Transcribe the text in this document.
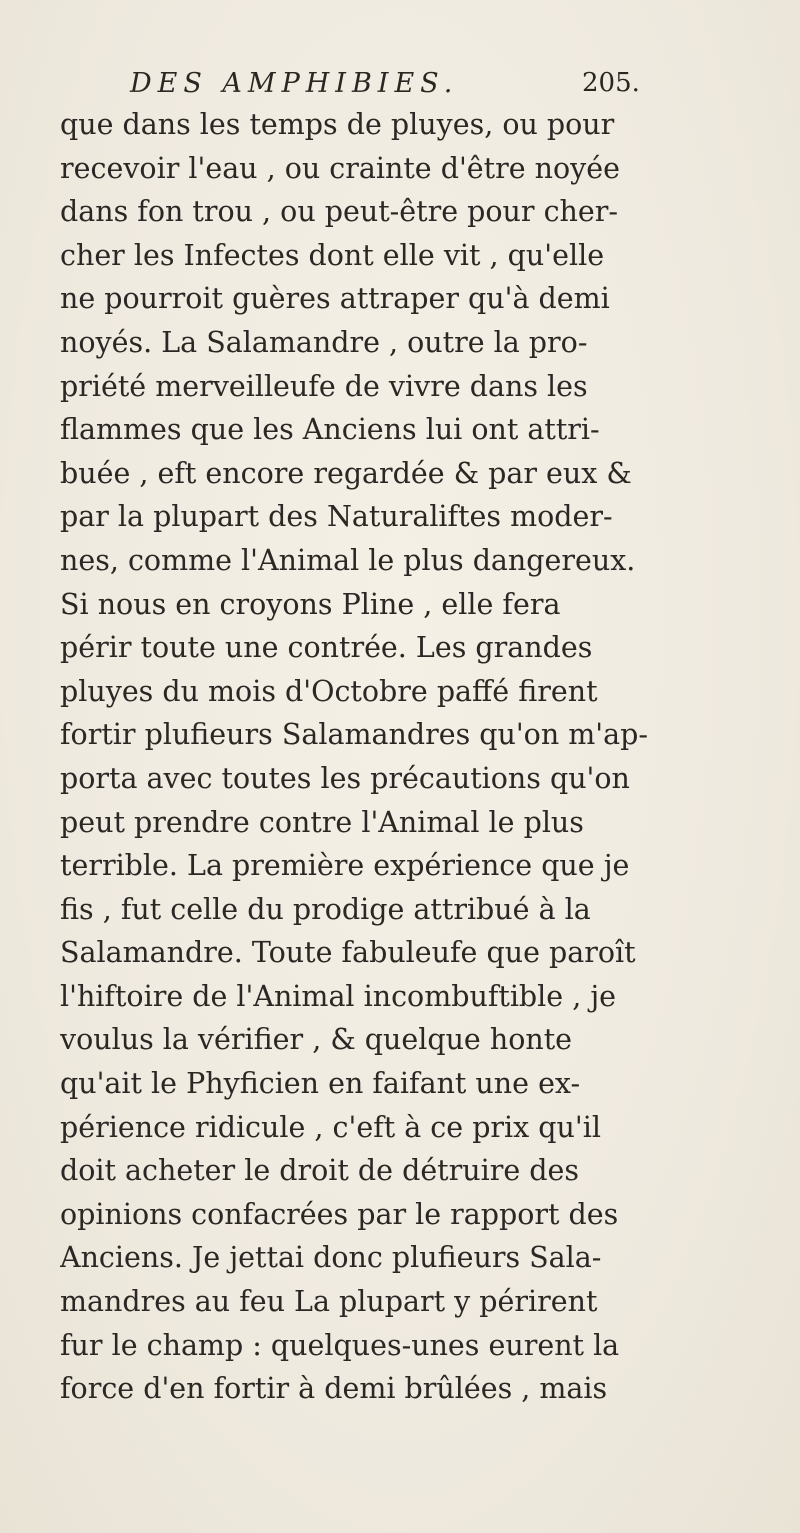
DES AMPHIBIES.	205.
que dans les temps de pluyes, ou pour
recevoir l'eau , ou crainte d'être noyée
dans fon trou , ou peut-être pour cher-
cher les Infectes dont elle vit , qu'elle
ne pourroit guères attraper qu'à demi
noyés. La Salamandre , outre la pro-
priété merveilleufe de vivre dans les
flammes que les Anciens lui ont attri-
buée , eft encore regardée & par eux &
par la plupart des Naturaliftes moder-
nes, comme l'Animal le plus dangereux.
Si nous en croyons Pline , elle fera
périr toute une contrée. Les grandes
pluyes du mois d'Octobre paffé firent
fortir plufieurs Salamandres qu'on m'ap-
porta avec toutes les précautions qu'on
peut prendre contre l'Animal le plus
terrible. La première expérience que je
fis , fut celle du prodige attribué à la
Salamandre. Toute fabuleufe que paroît
l'hiftoire de l'Animal incombuftible , je
voulus la vérifier , & quelque honte
qu'ait le Phyficien en faifant une ex-
périence ridicule , c'eft à ce prix qu'il
doit acheter le droit de détruire des
opinions confacrées par le rapport des
Anciens. Je jettai donc plufieurs Sala-
mandres au feu La plupart y périrent
fur le champ : quelques-unes eurent la
force d'en fortir à demi brûlées , mais
